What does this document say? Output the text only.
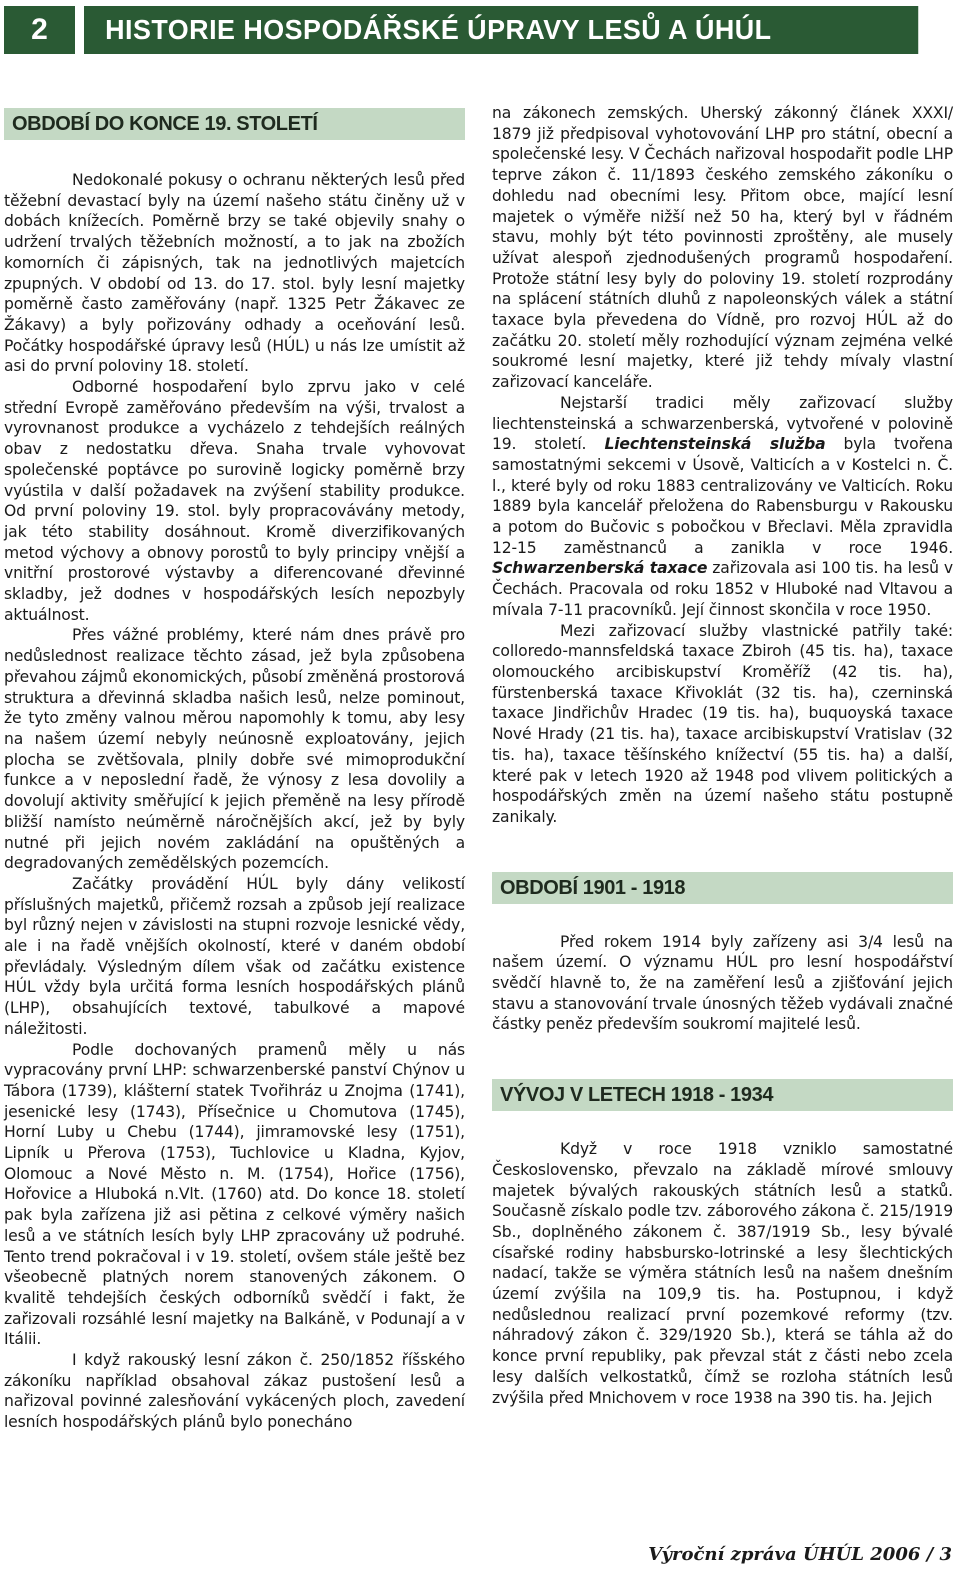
2	HISTORIE HOSPODÁŘSKÉ ÚPRAVY LESŮ A ÚHÚL
OBDOBÍ DO KONCE 19. STOLETÍ

Nedokonalé pokusy o ochranu některých lesů před těžební devastací byly na území našeho státu činěny už v dobách knížecích. Poměrně brzy se také objevily snahy o udržení trvalých těžebních možností, a to jak na zbožích komorních či zápisných, tak na jednotlivých majetcích zpupných. V období od 13. do 17. stol. byly lesní majetky poměrně často zaměřovány (např. 1325 Petr Žákavec ze Žákavy) a byly pořizovány odhady a oceňování lesů. Počátky hospodářské úpravy lesů (HÚL) u nás lze umístit až asi do první poloviny 18. století.

Odborné hospodaření bylo zprvu jako v celé střední Evropě zaměřováno především na výši, trvalost a vyrovnanost produkce a vycházelo z tehdejších reálných obav z nedostatku dřeva. Snaha trvale vyhovovat společenské poptávce po surovině logicky poměrně brzy vyústila v další požadavek na zvýšení stability produkce. Od první poloviny 19. stol. byly propracovávány metody, jak této stability dosáhnout. Kromě diverzifikovaných metod výchovy a obnovy porostů to byly principy vnější a vnitřní prostorové výstavby a diferencované dřevinné skladby, jež dodnes v hospodářských lesích nepozbyly aktuálnost.

Přes vážné problémy, které nám dnes právě pro nedůslednost realizace těchto zásad, jež byla způsobena převahou zájmů ekonomických, působí změněná prostorová struktura a dřevinná skladba našich lesů, nelze pominout, že tyto změny valnou měrou napomohly k tomu, aby lesy na našem území nebyly neúnosně exploatovány, jejich plocha se zvětšovala, plnily dobře své mimoprodukční funkce a v neposlední řadě, že výnosy z lesa dovolily a dovolují aktivity směřující k jejich přeměně na lesy přírodě bližší namísto neúměrně náročnějších akcí, jež by byly nutné při jejich novém zakládání na opuštěných a degradovaných zemědělských pozemcích.

Začátky provádění HÚL byly dány velikostí příslušných majetků, přičemž rozsah a způsob její realizace byl různý nejen v závislosti na stupni rozvoje lesnické vědy, ale i na řadě vnějších okolností, které v daném období převládaly. Výsledným dílem však od začátku existence HÚL vždy byla určitá forma lesních hospodářských plánů (LHP), obsahujících textové, tabulkové a mapové náležitosti.

Podle dochovaných pramenů měly u nás vypracovány první LHP: schwarzenberské panství Chýnov u Tábora (1739), klášterní statek Tvořihráz u Znojma (1741), jesenické lesy (1743), Přísečnice u Chomutova (1745), Horní Luby u Chebu (1744), jimramovské lesy (1751), Lipník u Přerova (1753), Tuchlovice u Kladna, Kyjov, Olomouc a Nové Město n. M. (1754), Hořice (1756), Hořovice a Hluboká n.Vlt. (1760) atd. Do konce 18. století pak byla zařízena již asi pětina z celkové výměry našich lesů a ve státních lesích byly LHP zpracovány už podruhé. Tento trend pokračoval i v 19. století, ovšem stále ještě bez všeobecně platných norem stanovených zákonem. O kvalitě tehdejších českých odborníků svědčí i fakt, že zařizovali rozsáhlé lesní majetky na Balkáně, v Podunají a v Itálii.

I když rakouský lesní zákon č. 250/1852 říšského zákoníku například obsahoval zákaz pustošení lesů a nařizoval povinné zalesňování vykácených ploch, zavedení lesních hospodářských plánů bylo ponecháno

na zákonech zemských. Uherský zákonný článek XXXI/ 1879 již předpisoval vyhotovování LHP pro státní, obecní a společenské lesy. V Čechách nařizoval hospodařit podle LHP teprve zákon č. 11/1893 českého zemského zákoníku o dohledu nad obecními lesy. Přitom obce, mající lesní majetek o výměře nižší než 50 ha, který byl v řádném stavu, mohly být této povinnosti zproštěny, ale musely užívat alespoň zjednodušených programů hospodaření. Protože státní lesy byly do poloviny 19. století rozprodány na splácení státních dluhů z napoleonských válek a státní taxace byla převedena do Vídně, pro rozvoj HÚL až do začátku 20. století měly rozhodující význam zejména velké soukromé lesní majetky, které již tehdy mívaly vlastní zařizovací kanceláře.

Nejstarší tradici měly zařizovací služby liechtensteinská a schwarzenberská, vytvořené v polovině 19. století. Liechtensteinská služba byla tvořena samostatnými sekcemi v Úsově, Valticích a v Kostelci n. Č. l., které byly od roku 1883 centralizovány ve Valticích. Roku 1889 byla kancelář přeložena do Rabensburgu v Rakousku a potom do Bučovic s pobočkou v Břeclavi. Měla zpravidla 12-15 zaměstnanců a zanikla v roce 1946. Schwarzenberská taxace zařizovala asi 100 tis. ha lesů v Čechách. Pracovala od roku 1852 v Hluboké nad Vltavou a mívala 7-11 pracovníků. Její činnost skončila v roce 1950.

Mezi zařizovací služby vlastnické patřily také: colloredo-mannsfeldská taxace Zbiroh (45 tis. ha), taxace olomouckého arcibiskupství Kroměříž (42 tis. ha), fürstenberská taxace Křivoklát (32 tis. ha), czerninská taxace Jindřichův Hradec (19 tis. ha), buquoyská taxace Nové Hrady (21 tis. ha), taxace arcibiskupství Vratislav (32 tis. ha), taxace těšínského knížectví (55 tis. ha) a další, které pak v letech 1920 až 1948 pod vlivem politických a hospodářských změn na území našeho státu postupně zanikaly.

OBDOBÍ 1901 - 1918

Před rokem 1914 byly zařízeny asi 3/4 lesů na našem území. O významu HÚL pro lesní hospodářství svědčí hlavně to, že na zaměření lesů a zjišťování jejich stavu a stanovování trvale únosných těžeb vydávali značné částky peněz především soukromí majitelé lesů.

VÝVOJ V LETECH 1918 - 1934

Když v roce 1918 vzniklo samostatné Československo, převzalo na základě mírové smlouvy majetek bývalých rakouských státních lesů a statků. Současně získalo podle tzv. záborového zákona č. 215/1919 Sb., doplněného zákonem č. 387/1919 Sb., lesy bývalé císařské rodiny habsbursko-lotrinské a lesy šlechtických nadací, takže se výměra státních lesů na našem dnešním území zvýšila na 109,9 tis. ha. Postupnou, i když nedůslednou realizací první pozemkové reformy (tzv. náhradový zákon č. 329/1920 Sb.), která se táhla až do konce první republiky, pak převzal stát z části nebo zcela lesy dalších velkostatků, čímž se rozloha státních lesů zvýšila před Mnichovem v roce 1938 na 390 tis. ha. Jejich

Výroční zpráva ÚHÚL 2006 / 3
